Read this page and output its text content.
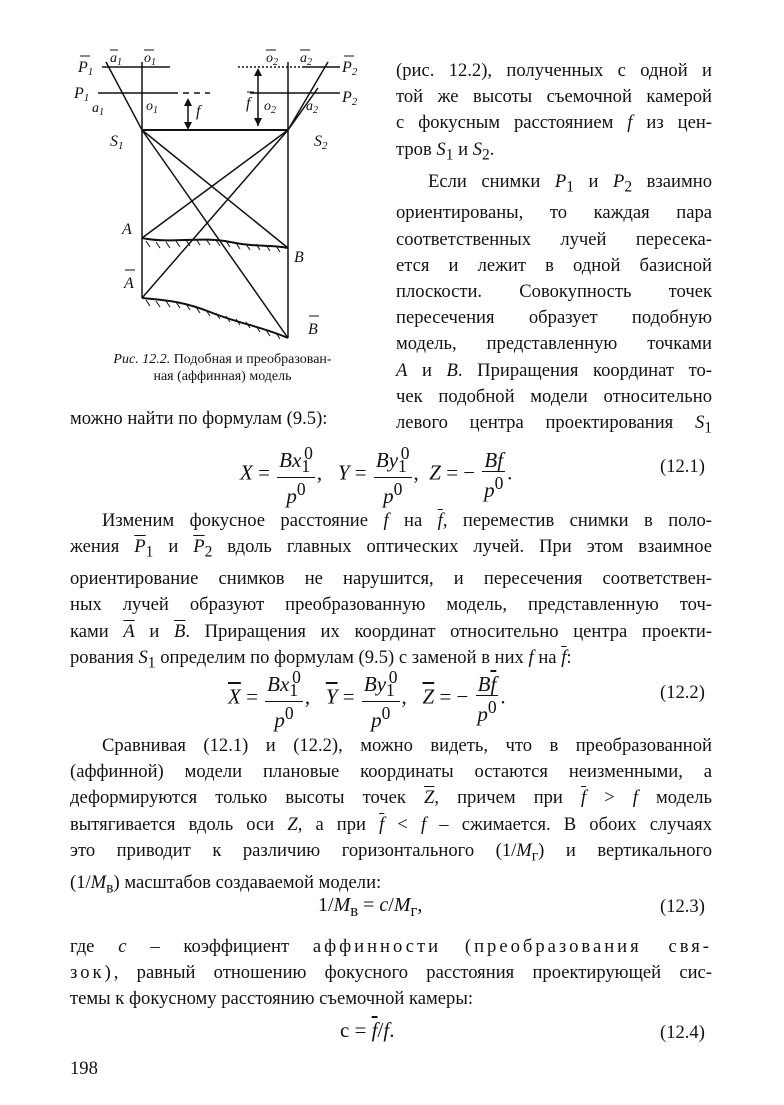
P1
$a_1$ $o_1$
P1
$a_1$	$o_1$ f	f
$o_2$ $a_2$ P2
$o_2$ $a_2$
P2
S1	S2
A
A
B
B
Рис. 12.2. Подобная и преобразован-
ная (аффинная) модель
(рис. 12.2), полученных с одной и
той же высоты съемочной камерой
с фокусным расстоянием f из цен-
тров $S_1$ и $S_2$.
Если снимки $P_1$ и $P_2$ взаимно
ориентированы, то каждая пара
соответственных лучей пересека-
ется и лежит в одной базисной
плоскости. Совокупность точек
пересечения образует подобную
модель, представленную точками
A и B. Приращения координат то-
чек подобной модели относительно
левого центра проектирования $S_1$
можно найти по формулам (9.5):
$X = \frac{Bx_1^0}{p^0}$ ,   $Y = \frac{By_1^0}{p^0}$ ,  Z = − $\frac{Bf}{p^0}$ .	(12.1)
Изменим фокусное расстояние f на $\overline{f}$, переместив снимки в поло-
жения $\overline{P}_1$ и $\overline{P}_2$ вдоль главных оптических лучей. При этом взаимное
ориентирование снимков не нарушится, и пересечения соответствен-
ных лучей образуют преобразованную модель, представленную точ-
ками $\overline{A}$ и $\overline{B}$. Приращения их координат относительно центра проекти-
рования $S_1$ определим по формулам (9.5) с заменой в них f на $\overline{f}$:
$\overline{X} = \frac{Bx_1^0}{p^0}$ ,   $\overline{Y} = \frac{By_1^0}{p^0}$ ,   $\overline{Z}$ = − $\frac{B\overline{f}}{p^0}$ .	(12.2)
Сравнивая (12.1) и (12.2), можно видеть, что в преобразованной
(аффинной) модели плановые координаты остаются неизменными, а
деформируются только высоты точек $\overline{Z}$, причем при $\overline{f} > f$ модель
вытягивается вдоль оси Z, а при $\overline{f} < f$ – сжимается. В обоих случаях
это приводит к различию горизонтального $(1/M_г)$ и вертикального
$(1/M_в)$ масштабов создаваемой модели:
$1/M_в = c/M_г$,	(12.3)
где c – коэффициент аффинности (преобразования свя-
зок), равный отношению фокусного расстояния проектирующей сис-
темы к фокусному расстоянию съемочной камеры:
$c = \overline{f}/f$.	(12.4)
198
